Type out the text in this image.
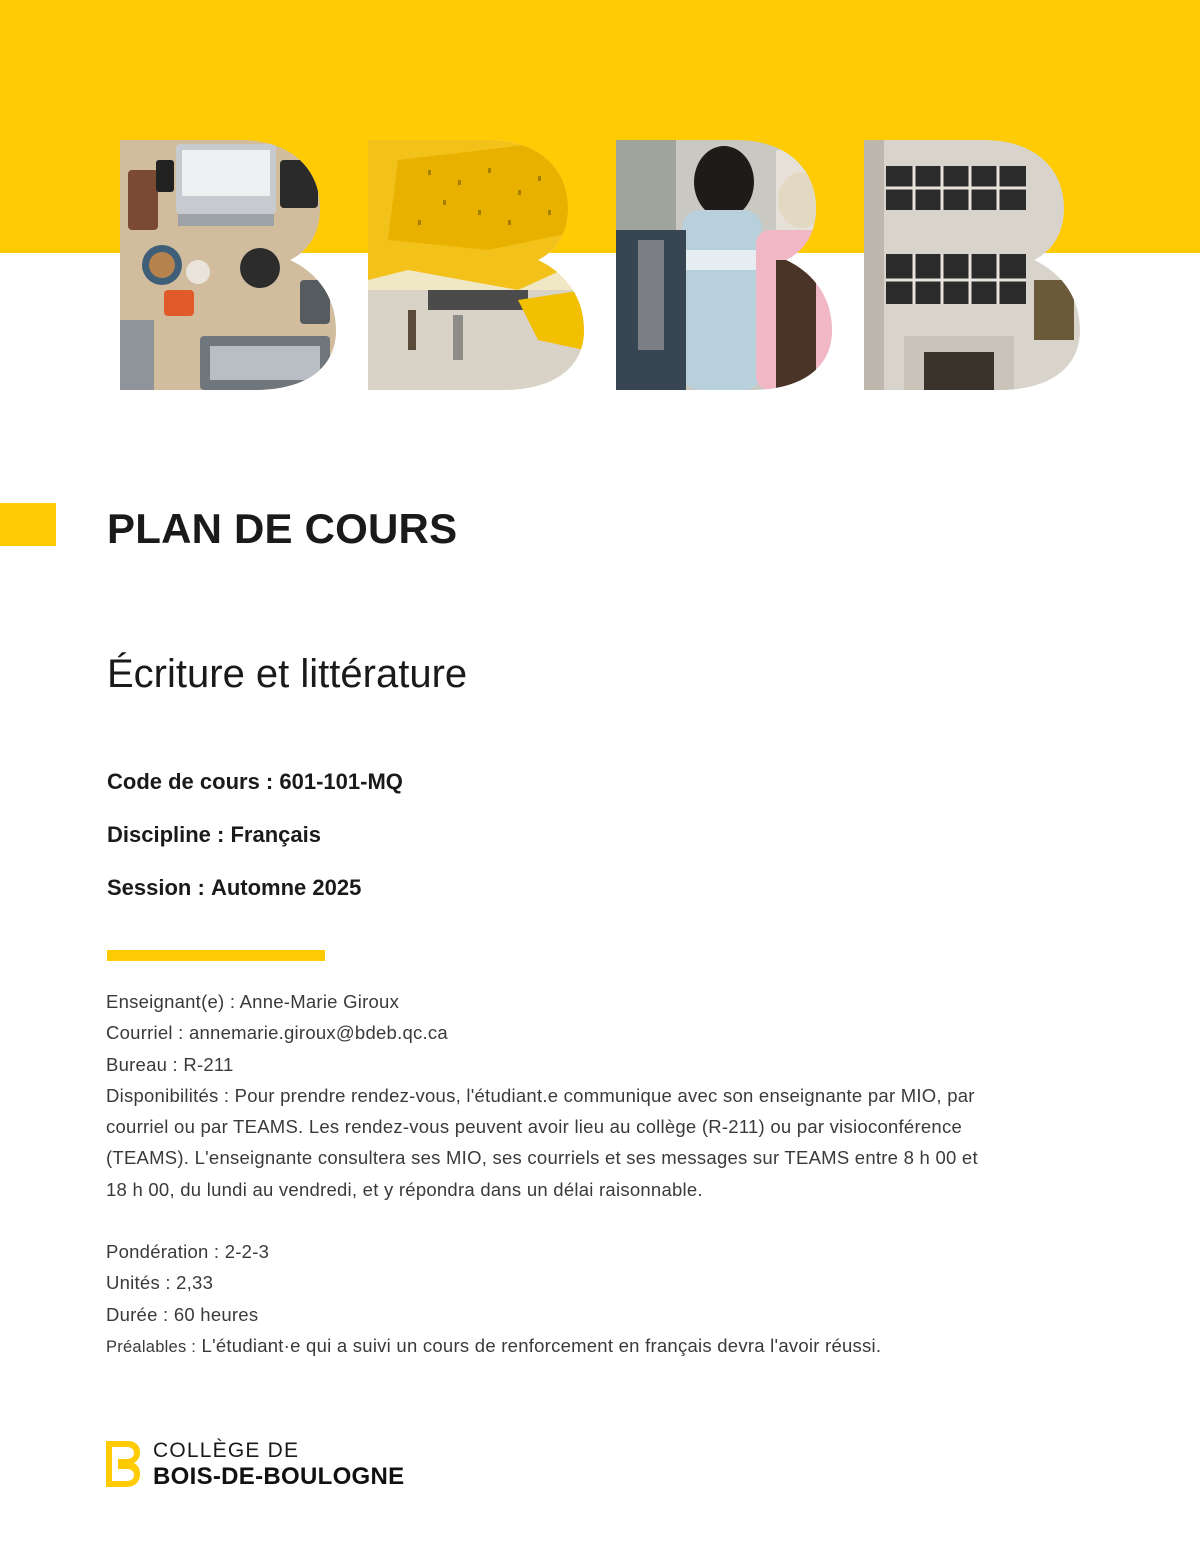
PLAN DE COURS
Écriture et littérature
Code de cours : 601-101-MQ
Discipline : Français
Session : Automne 2025

Enseignant(e) : Anne-Marie Giroux

Courriel : annemarie.giroux@bdeb.qc.ca

Bureau : R-211

Disponibilités : Pour prendre rendez-vous, l'étudiant.e communique avec son enseignante par MIO, par
courriel ou par TEAMS. Les rendez-vous peuvent avoir lieu au collège (R-211) ou par visioconférence
(TEAMS). L'enseignante consultera ses MIO, ses courriels et ses messages sur TEAMS entre 8 h 00 et
18 h 00, du lundi au vendredi, et y répondra dans un délai raisonnable.

Pondération : 2-2-3

Unités : 2,33

Durée : 60 heures

Préalables : L'étudiant·e qui a suivi un cours de renforcement en français devra l'avoir réussi.

COLLÈGE DE
BOIS-DE-BOULOGNE
